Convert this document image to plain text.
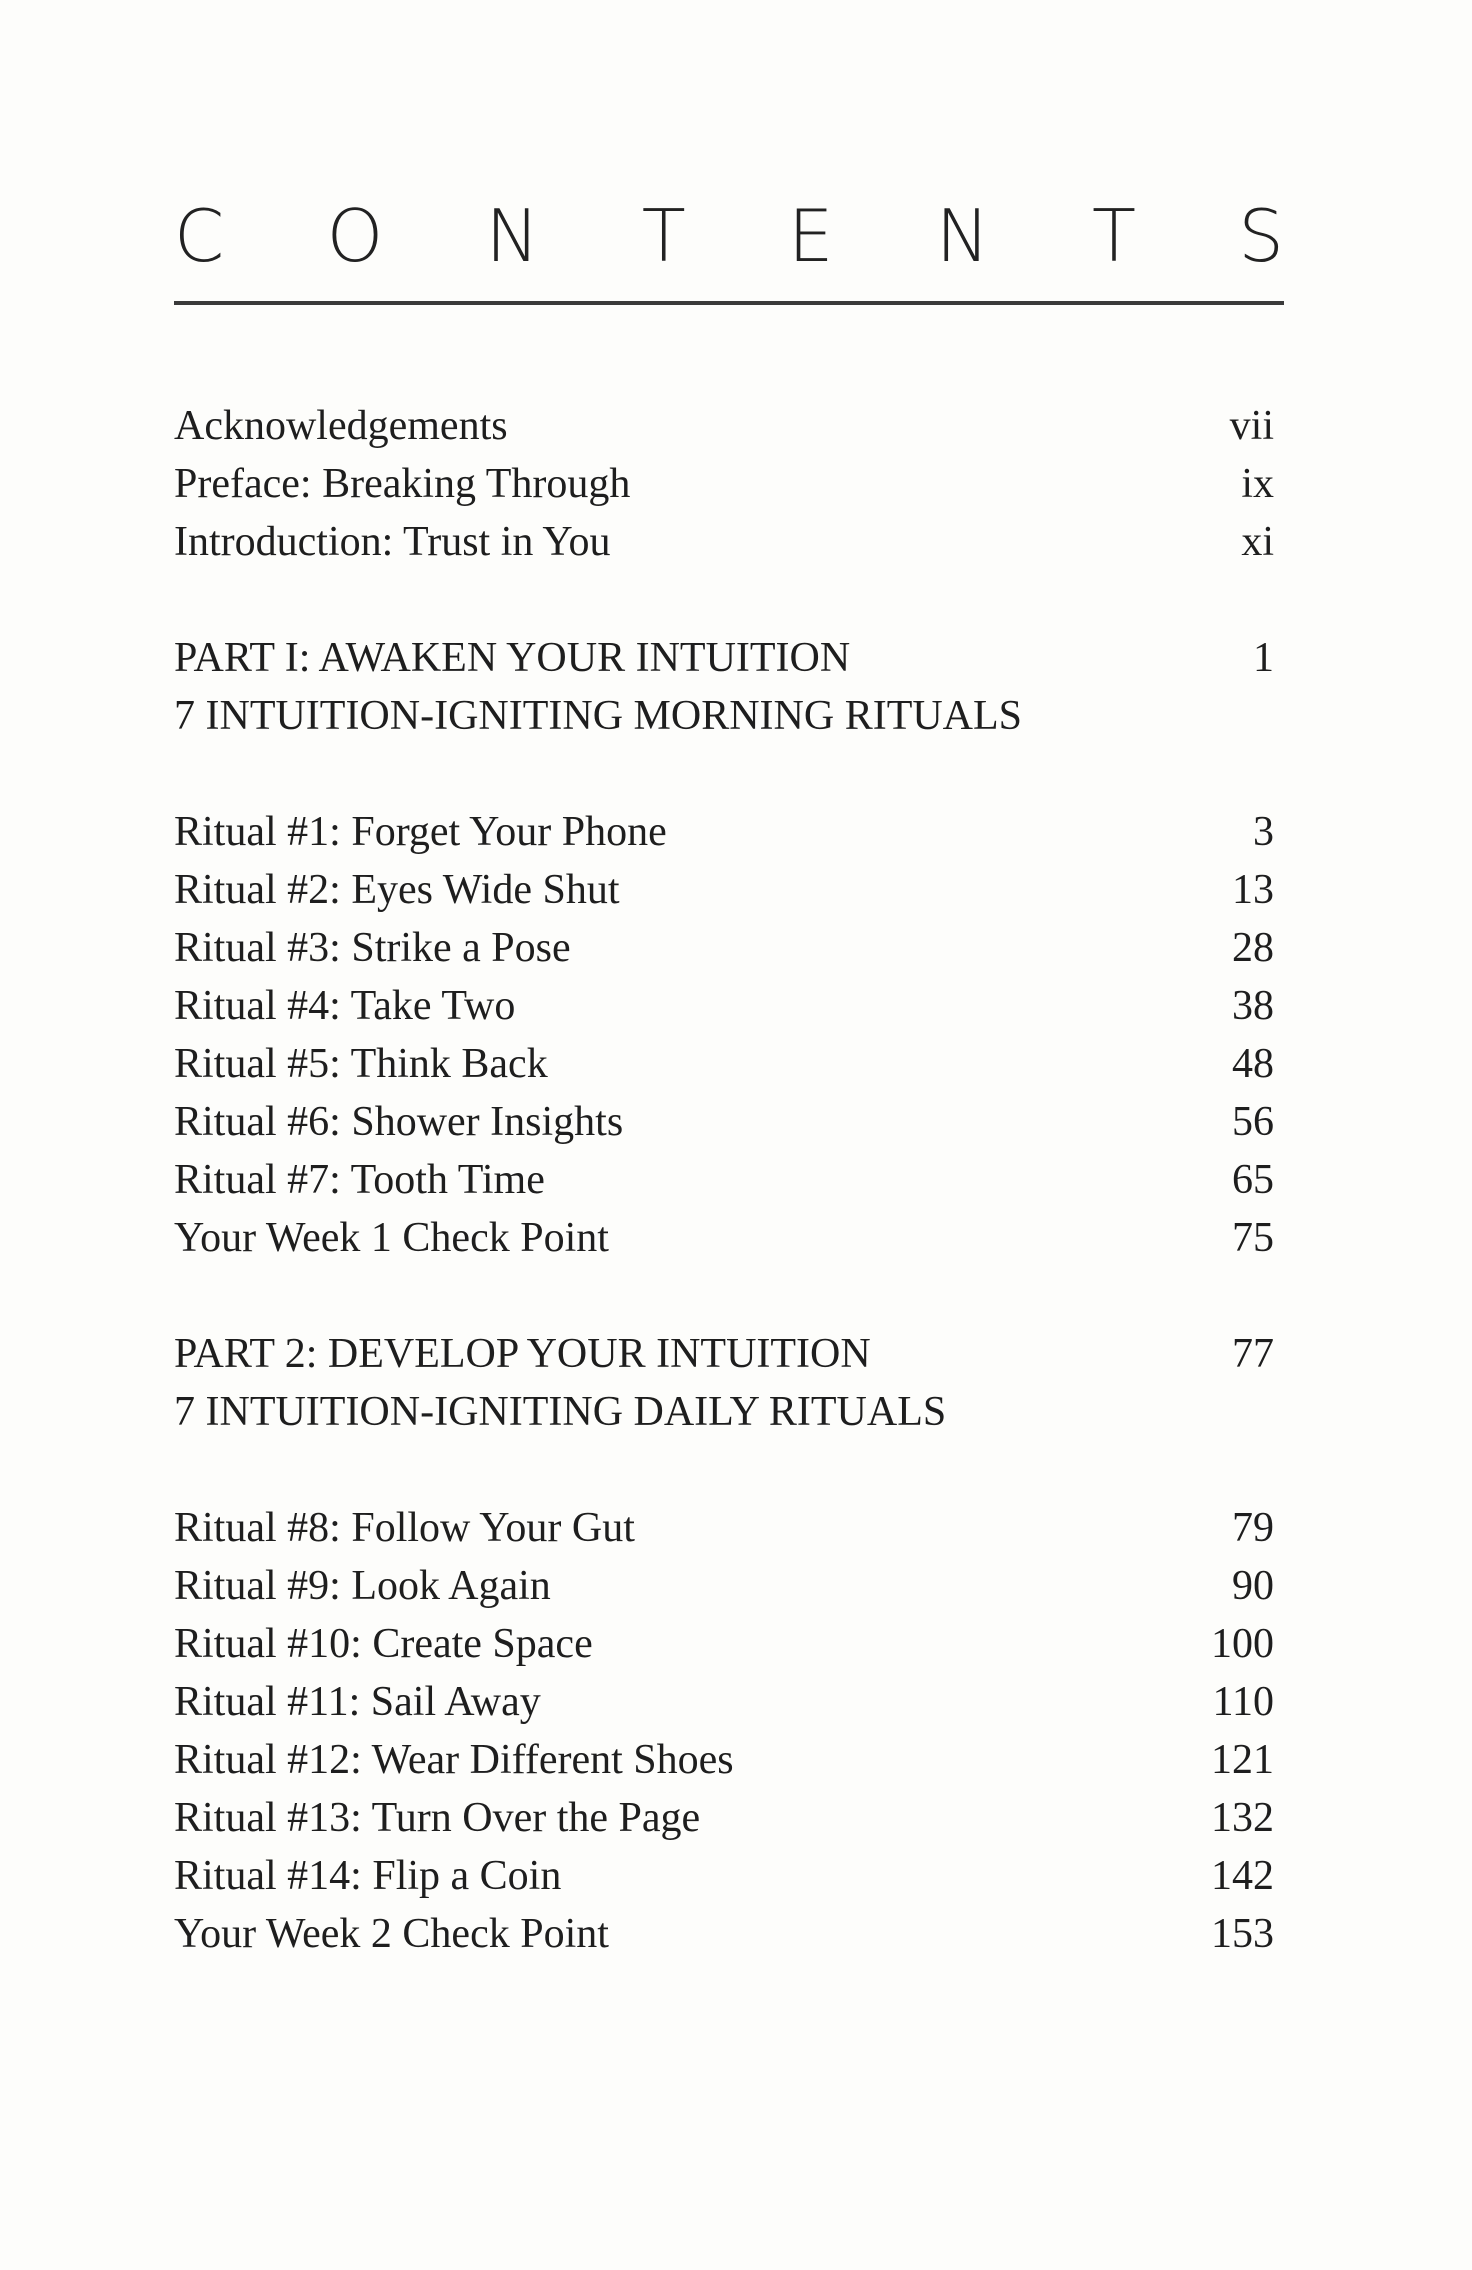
C O N T E N T S
Acknowledgements	vii
Preface: Breaking Through	ix
Introduction: Trust in You	xi
PART I: AWAKEN YOUR INTUITION	1
7 INTUITION-IGNITING MORNING RITUALS
Ritual #1: Forget Your Phone	3
Ritual #2: Eyes Wide Shut	13
Ritual #3: Strike a Pose	28
Ritual #4: Take Two	38
Ritual #5: Think Back	48
Ritual #6: Shower Insights	56
Ritual #7: Tooth Time	65
Your Week 1 Check Point	75
PART 2: DEVELOP YOUR INTUITION	77
7 INTUITION-IGNITING DAILY RITUALS
Ritual #8: Follow Your Gut	79
Ritual #9: Look Again	90
Ritual #10: Create Space	100
Ritual #11: Sail Away	110
Ritual #12: Wear Different Shoes	121
Ritual #13: Turn Over the Page	132
Ritual #14: Flip a Coin	142
Your Week 2 Check Point	153
